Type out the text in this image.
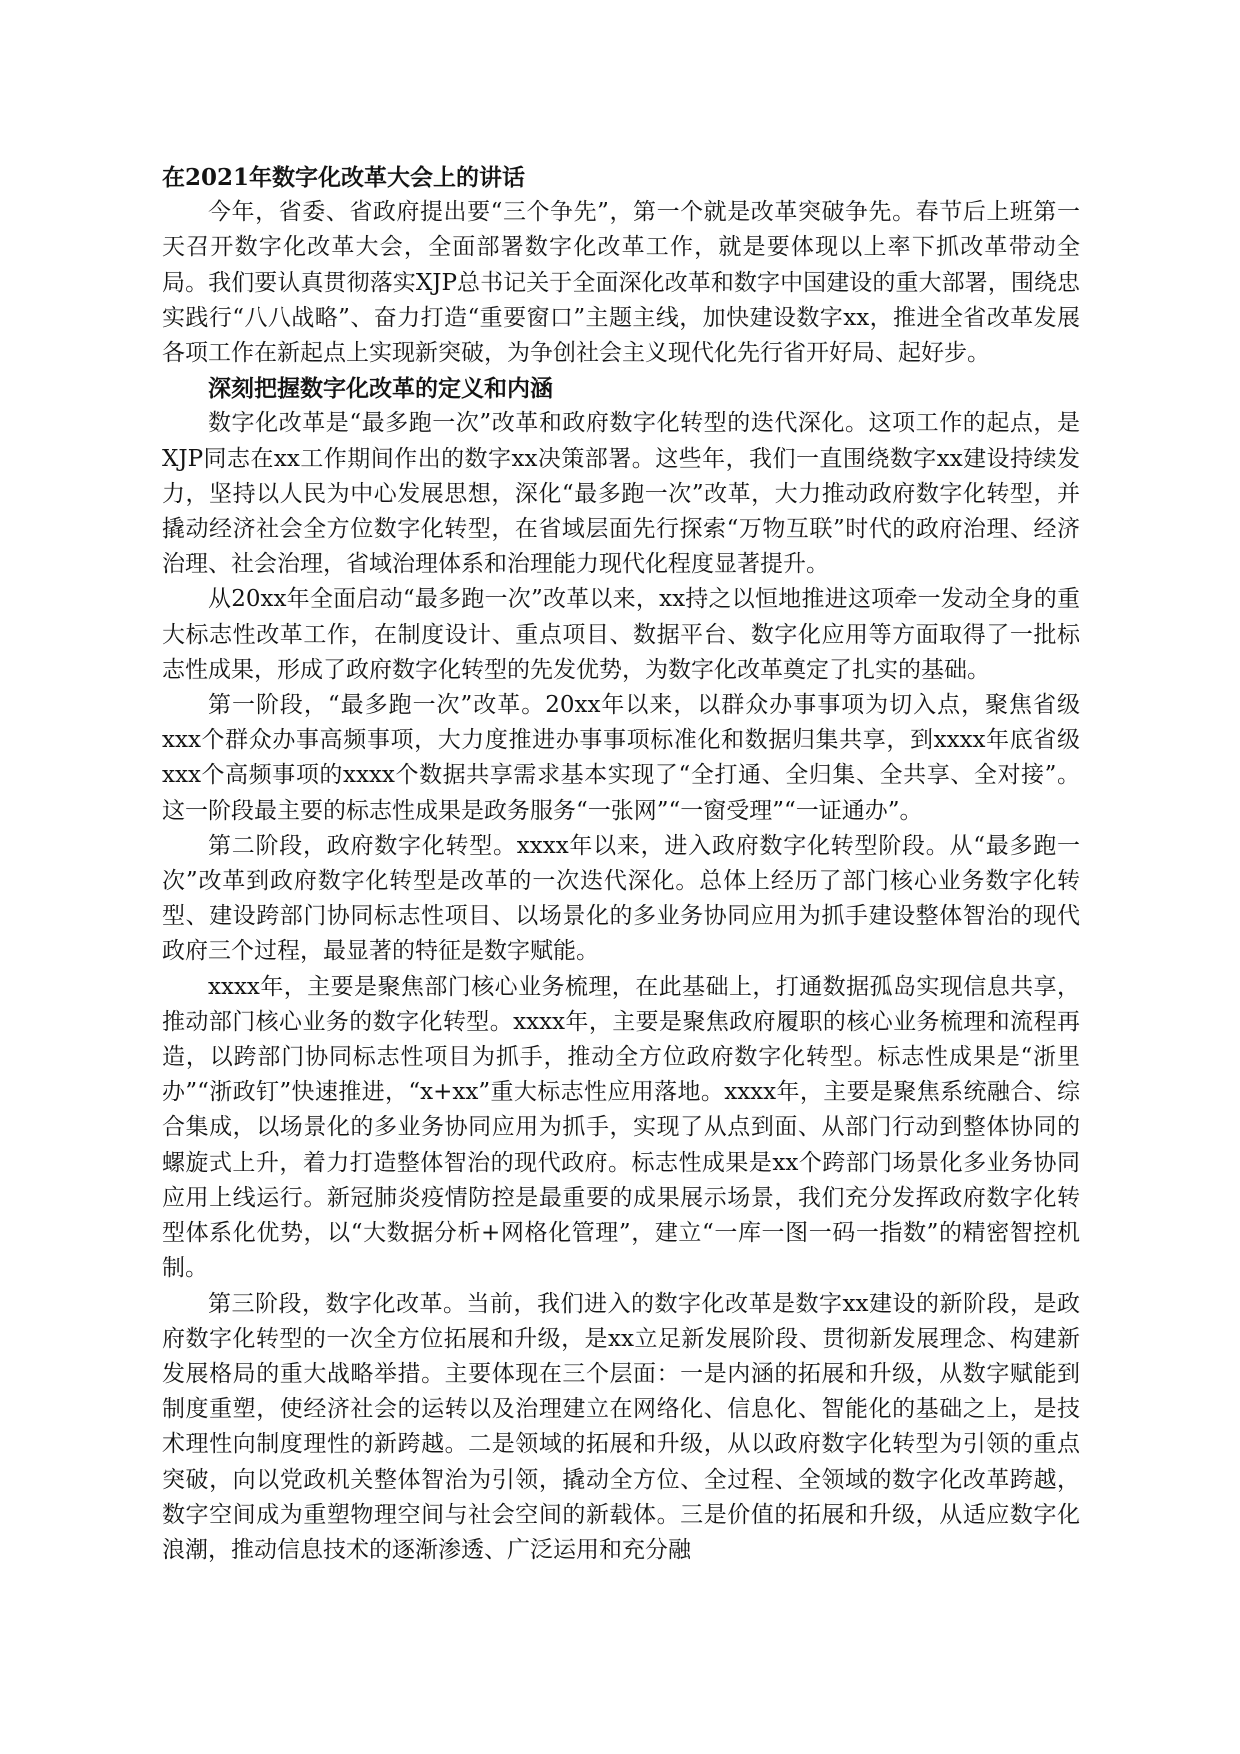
在2021年数字化改革大会上的讲话

今年，省委、省政府提出要“三个争先”，第一个就是改革突破争先。春节后上班第一天召开数字化改革大会，全面部署数字化改革工作，就是要体现以上率下抓改革带动全局。我们要认真贯彻落实XJP总书记关于全面深化改革和数字中国建设的重大部署，围绕忠实践行“八八战略”、奋力打造“重要窗口”主题主线，加快建设数字xx，推进全省改革发展各项工作在新起点上实现新突破，为争创社会主义现代化先行省开好局、起好步。

深刻把握数字化改革的定义和内涵

数字化改革是“最多跑一次”改革和政府数字化转型的迭代深化。这项工作的起点，是XJP同志在xx工作期间作出的数字xx决策部署。这些年，我们一直围绕数字xx建设持续发力，坚持以人民为中心发展思想，深化“最多跑一次”改革，大力推动政府数字化转型，并撬动经济社会全方位数字化转型，在省域层面先行探索“万物互联”时代的政府治理、经济治理、社会治理，省域治理体系和治理能力现代化程度显著提升。

从20xx年全面启动“最多跑一次”改革以来，xx持之以恒地推进这项牵一发动全身的重大标志性改革工作，在制度设计、重点项目、数据平台、数字化应用等方面取得了一批标志性成果，形成了政府数字化转型的先发优势，为数字化改革奠定了扎实的基础。

第一阶段，“最多跑一次”改革。20xx年以来，以群众办事事项为切入点，聚焦省级xxx个群众办事高频事项，大力度推进办事事项标准化和数据归集共享，到xxxx年底省级xxx个高频事项的xxxx个数据共享需求基本实现了“全打通、全归集、全共享、全对接”。这一阶段最主要的标志性成果是政务服务“一张网”“一窗受理”“一证通办”。

第二阶段，政府数字化转型。xxxx年以来，进入政府数字化转型阶段。从“最多跑一次”改革到政府数字化转型是改革的一次迭代深化。总体上经历了部门核心业务数字化转型、建设跨部门协同标志性项目、以场景化的多业务协同应用为抓手建设整体智治的现代政府三个过程，最显著的特征是数字赋能。

xxxx年，主要是聚焦部门核心业务梳理，在此基础上，打通数据孤岛实现信息共享，推动部门核心业务的数字化转型。xxxx年，主要是聚焦政府履职的核心业务梳理和流程再造，以跨部门协同标志性项目为抓手，推动全方位政府数字化转型。标志性成果是“浙里办”“浙政钉”快速推进，“x+xx”重大标志性应用落地。xxxx年，主要是聚焦系统融合、综合集成，以场景化的多业务协同应用为抓手，实现了从点到面、从部门行动到整体协同的螺旋式上升，着力打造整体智治的现代政府。标志性成果是xx个跨部门场景化多业务协同应用上线运行。新冠肺炎疫情防控是最重要的成果展示场景，我们充分发挥政府数字化转型体系化优势，以“大数据分析+网格化管理”，建立“一库一图一码一指数”的精密智控机制。

第三阶段，数字化改革。当前，我们进入的数字化改革是数字xx建设的新阶段，是政府数字化转型的一次全方位拓展和升级，是xx立足新发展阶段、贯彻新发展理念、构建新发展格局的重大战略举措。主要体现在三个层面：一是内涵的拓展和升级，从数字赋能到制度重塑，使经济社会的运转以及治理建立在网络化、信息化、智能化的基础之上，是技术理性向制度理性的新跨越。二是领域的拓展和升级，从以政府数字化转型为引领的重点突破，向以党政机关整体智治为引领，撬动全方位、全过程、全领域的数字化改革跨越，数字空间成为重塑物理空间与社会空间的新载体。三是价值的拓展和升级，从适应数字化浪潮，推动信息技术的逐渐渗透、广泛运用和充分融
